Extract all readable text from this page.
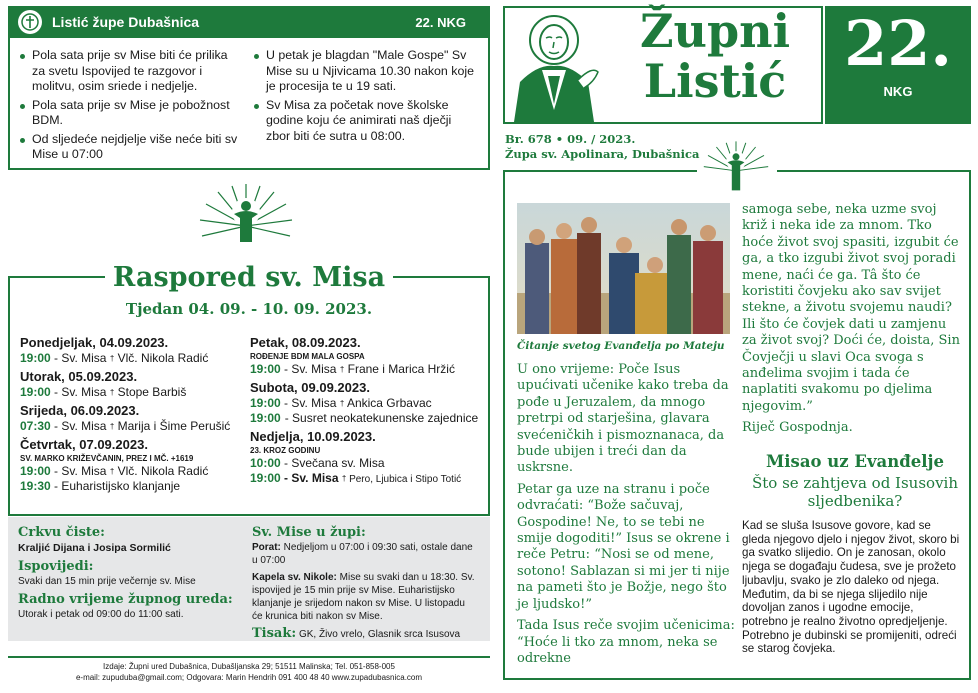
Listić župe Dubašnica	22. NKG
Pola sata prije sv Mise biti će prilika za svetu Ispovijed te razgovor i molitvu, osim sriede i nedjelje.
Pola sata prije sv Mise je pobožnost BDM.
Od sljedeće nejdjelje više neće biti sv Mise u 07:00
U petak je blagdan "Male Gospe" Sv Mise su u Njivicama 10.30 nakon koje je procesija te u 19 sati.
Sv Misa za početak nove školske godine koju će animirati naš dječji zbor biti će sutra u 08:00.
Raspored sv. Misa
Tjedan 04. 09. - 10. 09. 2023.
Ponedjeljak, 04.09.2023.
19:00 - Sv. Misa † Vlč. Nikola Radić
Utorak, 05.09.2023.
19:00 - Sv. Misa † Stope Barbiš
Srijeda, 06.09.2023.
07:30 - Sv. Misa † Marija i Šime Perušić
Četvrtak, 07.09.2023.
SV. MARKO KRIŽEVČANIN, PREZ I MČ. +1619
19:00 - Sv. Misa † Vlč. Nikola Radić
19:30 - Euharistijsko klanjanje
Petak, 08.09.2023.
ROĐENJE BDM MALA GOSPA
19:00 - Sv. Misa † Frane i Marica Hržić
Subota, 09.09.2023.
19:00 - Sv. Misa † Ankica Grbavac
19:00 - Susret neokatekunenske zajednice
Nedjelja, 10.09.2023.
23. KROZ GODINU
10:00 - Svečana sv. Misa
19:00 - Sv. Misa † Pero, Ljubica i Stipo Totić
Crkvu čiste:
Kraljić Dijana i Josipa Sormilić
Ispovijedi:
Svaki dan 15 min prije večernje sv. Mise
Radno vrijeme župnog ureda:
Utorak i petak od 09:00 do 11:00 sati.
Sv. Mise u župi:
Porat: Nedjeljom u 07:00 i 09:30 sati, ostale dane u 07:00
Kapela sv. Nikole: Mise su svaki dan u 18:30. Sv. ispovijed je 15 min prije sv Mise. Euharistijsko klanjanje je srijedom nakon sv Mise. U listopadu će krunica biti nakon sv Mise.
Tisak: GK, Živo vrelo, Glasnik srca Isusova
Izdaje: Župni ured Dubašnica, Dubašljanska 29; 51511 Malinska; Tel. 051-858-005
e-mail: zupuduba@gmail.com; Odgovara: Marin Hendrih 091 400 48 40 www.zupadubasnica.com
Župni
Listić
22.
NKG
Br. 678 • 09. / 2023.
Župa sv. Apolinara, Dubašnica
Čitanje svetog Evanđelja po Mateju

U ono vrijeme: Poče Isus upućivati učenike kako treba da pođe u Jeruzalem, da mnogo pretrpi od starješina, glavara svećeničkih i pismoznanaca, da bude ubijen i treći dan da uskrsne.

Petar ga uze na stranu i poče odvraćati: “Bože sačuvaj, Gospodine! Ne, to se tebi ne smije dogoditi!” Isus se okrene i reče Petru: “Nosi se od mene, sotono! Sablazan si mi jer ti nije na pameti što je Božje, nego što je ljudsko!”

Tada Isus reče svojim učenicima: “Hoće li tko za mnom, neka se odrekne

samoga sebe, neka uzme svoj križ i neka ide za mnom. Tko hoće život svoj spasiti, izgubit će ga, a tko izgubi život svoj poradi mene, naći će ga. Tâ što će koristiti čovjeku ako sav svijet stekne, a životu svojemu naudi? Ili što će čovjek dati u zamjenu za život svoj? Doći će, doista, Sin Čovječji u slavi Oca svoga s anđelima svojim i tada će naplatiti svakomu po djelima njegovim.”

Riječ Gospodnja.

Misao uz Evanđelje
Što se zahtjeva od Isusovih sljedbenika?
Kad se sluša Isusove govore, kad se gleda njegovo djelo i njegov život, skoro bi ga svatko slijedio. On je zanosan, okolo njega se događaju čudesa, sve je prožeto ljubavlju, svako je zlo daleko od njega. Međutim, da bi se njega slijedilo nije dovoljan zanos i ugodne emocije, potrebno je realno životno opredjeljenje. Potrebno je dubinski se promijeniti, odreći se starog čovjeka.
